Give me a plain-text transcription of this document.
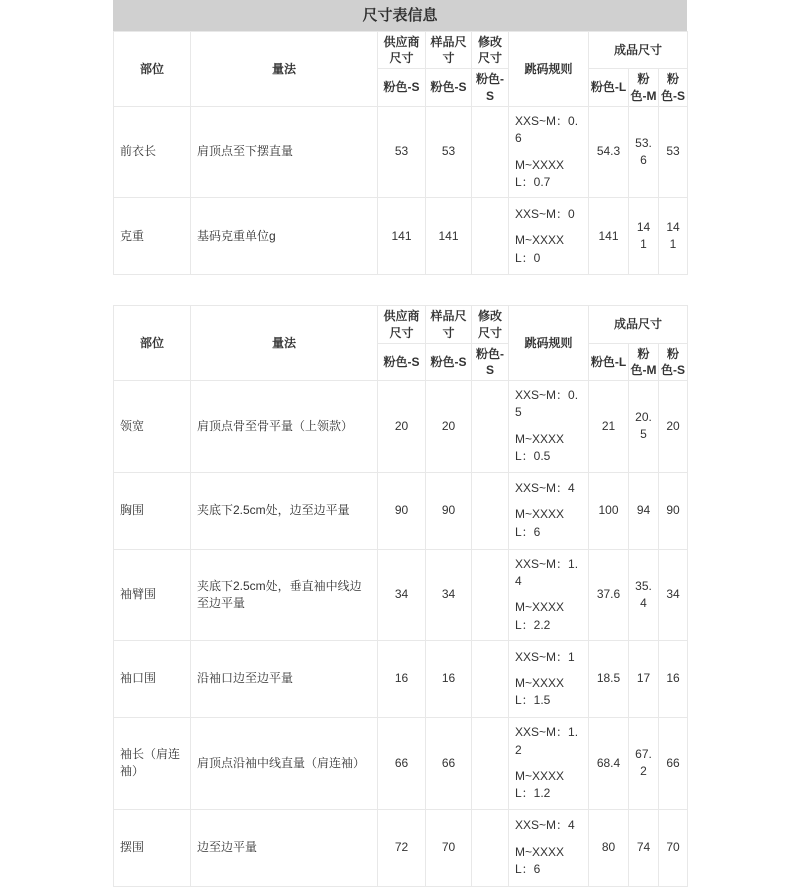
尺寸表信息
部位	量法	供应商尺寸	样品尺寸	修改尺寸	跳码规则	成品尺寸		
		粉色-S	粉色-S	粉色-S		粉色-L	粉色-M	粉色-S
前衣长	肩顶点至下摆直量	53	53		XXS~M：0.6
M~XXXXL：0.7	54.3	53.6	53
克重	基码克重单位g	141	141		XXS~M：0
M~XXXXL：0	141	141	141
部位	量法	供应商尺寸	样品尺寸	修改尺寸	跳码规则	成品尺寸		
		粉色-S	粉色-S	粉色-S		粉色-L	粉色-M	粉色-S
领宽	肩顶点骨至骨平量（上领款）	20	20		XXS~M：0.5
M~XXXXL：0.5	21	20.5	20
胸围	夹底下2.5cm处，边至边平量	90	90		XXS~M：4
M~XXXXL：6	100	94	90
袖臂围	夹底下2.5cm处，垂直袖中线边至边平量	34	34		XXS~M：1.4
M~XXXXL：2.2	37.6	35.4	34
袖口围	沿袖口边至边平量	16	16		XXS~M：1
M~XXXXL：1.5	18.5	17	16
袖长（肩连袖）	肩顶点沿袖中线直量（肩连袖）	66	66		XXS~M：1.2
M~XXXXL：1.2	68.4	67.2	66
摆围	边至边平量	72	70		XXS~M：4
M~XXXXL：6	80	74	70
